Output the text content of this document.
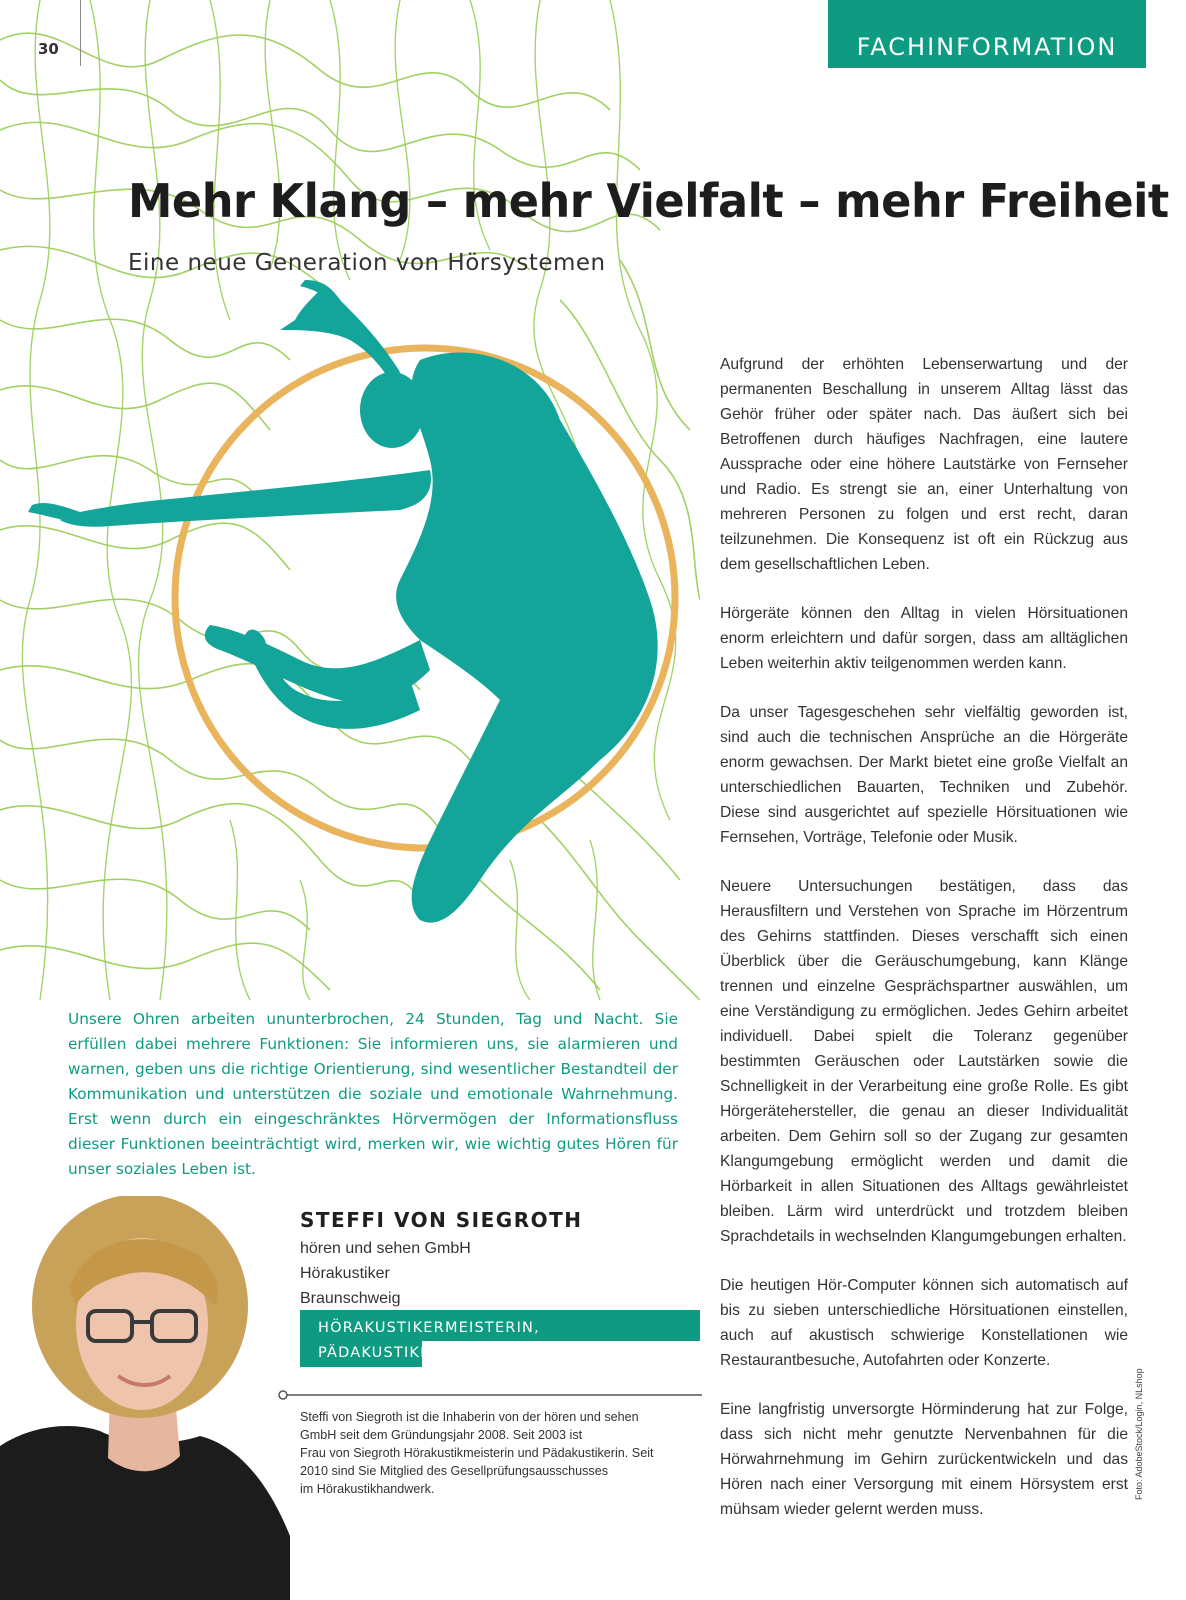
30	FACHINFORMATION
Mehr Klang – mehr Vielfalt – mehr Freiheit
Eine neue Generation von Hörsystemen

Aufgrund der erhöhten Lebenserwartung und der permanenten Beschallung in unserem Alltag lässt das Gehör früher oder später nach. Das äußert sich bei Betroffenen durch häufiges Nachfragen, eine lautere Aussprache oder eine höhere Lautstärke von Fernseher und Radio. Es strengt sie an, einer Unterhaltung von mehreren Personen zu folgen und erst recht, daran teilzunehmen. Die Konsequenz ist oft ein Rückzug aus dem gesellschaftlichen Leben.

Hörgeräte können den Alltag in vielen Hörsituationen enorm erleichtern und dafür sorgen, dass am alltäglichen Leben weiterhin aktiv teilgenommen werden kann.

Da unser Tagesgeschehen sehr vielfältig geworden ist, sind auch die technischen Ansprüche an die Hörgeräte enorm gewachsen. Der Markt bietet eine große Vielfalt an unterschiedlichen Bauarten, Techniken und Zubehör. Diese sind ausgerichtet auf spezielle Hörsituationen wie Fernsehen, Vorträge, Telefonie oder Musik.

Neuere Untersuchungen bestätigen, dass das Herausfiltern und Verstehen von Sprache im Hörzentrum des Gehirns stattfinden. Dieses verschafft sich einen Überblick über die Geräuschumgebung, kann Klänge trennen und einzelne Gesprächspartner auswählen, um eine Verständigung zu ermöglichen. Jedes Gehirn arbeitet individuell. Dabei spielt die Toleranz gegenüber bestimmten Geräuschen oder Lautstärken sowie die Schnelligkeit in der Verarbeitung eine große Rolle. Es gibt Hörgerätehersteller, die genau an dieser Individualität arbeiten. Dem Gehirn soll so der Zugang zur gesamten Klangumgebung ermöglicht werden und damit die Hörbarkeit in allen Situationen des Alltags gewährleistet bleiben. Lärm wird unterdrückt und trotzdem bleiben Sprachdetails in wechselnden Klangumgebungen erhalten.

Die heutigen Hör-Computer können sich automatisch auf bis zu sieben unterschiedliche Hörsituationen einstellen, auch auf akustisch schwierige Konstellationen wie Restaurantbesuche, Autofahrten oder Konzerte.

Eine langfristig unversorgte Hörminderung hat zur Folge, dass sich nicht mehr genutzte Nervenbahnen für die Hörwahrnehmung im Gehirn zurückentwickeln und das Hören nach einer Versorgung mit einem Hörsystem erst mühsam wieder gelernt werden muss.

Unsere Ohren arbeiten ununterbrochen, 24 Stunden, Tag und Nacht. Sie erfüllen dabei mehrere Funktionen: Sie informieren uns, sie alarmieren und warnen, geben uns die richtige Orientierung, sind wesentlicher Bestandteil der Kommunikation und unterstützen die soziale und emotionale Wahrnehmung. Erst wenn durch ein eingeschränktes Hörvermögen der Informationsfluss dieser Funktionen beeinträchtigt wird, merken wir, wie wichtig gutes Hören für unser soziales Leben ist.
STEFFI VON SIEGROTH
hören und sehen GmbH
Hörakustiker
Braunschweig
HÖRAKUSTIKERMEISTERIN, PÄDAKUSTIKERIN, INHABERIN
Steffi von Siegroth ist die Inhaberin von der hören und sehen
GmbH seit dem Gründungsjahr 2008. Seit 2003 ist
Frau von Siegroth Hörakustikmeisterin und Pädakustikerin. Seit
2010 sind Sie Mitglied des Gesellprüfungsausschusses
im Hörakustikhandwerk.	Foto: AdobeStock/Login, NLshop
